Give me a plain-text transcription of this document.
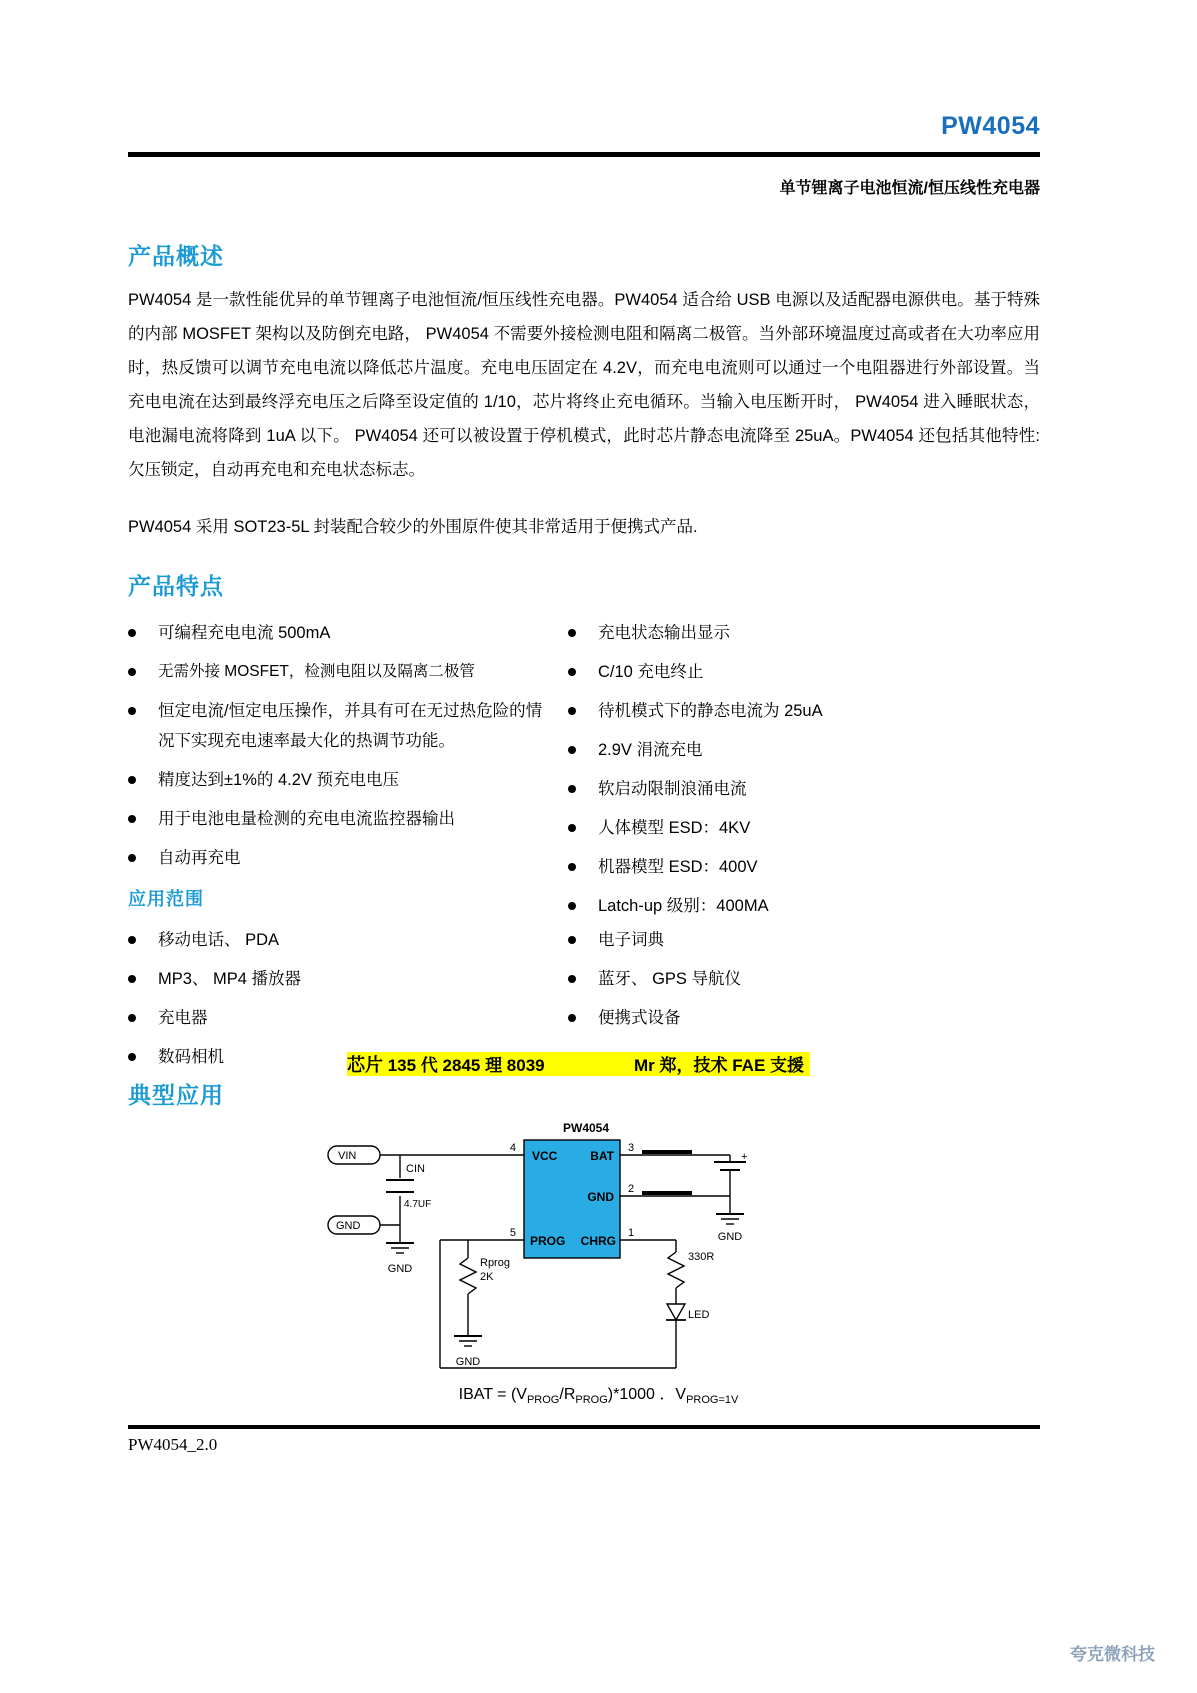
PW4054
单节锂离子电池恒流/恒压线性充电器
产品概述
PW4054 是一款性能优异的单节锂离子电池恒流/恒压线性充电器。PW4054 适合给 USB 电源以及适配器电源供电。基于特殊的内部 MOSFET 架构以及防倒充电路， PW4054 不需要外接检测电阻和隔离二极管。当外部环境温度过高或者在大功率应用时，热反馈可以调节充电电流以降低芯片温度。充电电压固定在 4.2V，而充电电流则可以通过一个电阻器进行外部设置。当充电电流在达到最终浮充电压之后降至设定值的 1/10，芯片将终止充电循环。当输入电压断开时， PW4054 进入睡眠状态，电池漏电流将降到 1uA 以下。 PW4054 还可以被设置于停机模式，此时芯片静态电流降至 25uA。PW4054 还包括其他特性: 欠压锁定，自动再充电和充电状态标志。
PW4054 采用 SOT23-5L 封装配合较少的外围原件使其非常适用于便携式产品.
产品特点
可编程充电电流 500mA
无需外接 MOSFET，检测电阻以及隔离二极管
恒定电流/恒定电压操作，并具有可在无过热危险的情况下实现充电速率最大化的热调节功能。
精度达到±1%的 4.2V 预充电电压
用于电池电量检测的充电电流监控器输出
自动再充电
充电状态输出显示
C/10 充电终止
待机模式下的静态电流为 25uA
2.9V 涓流充电
软启动限制浪涌电流
人体模型 ESD：4KV
机器模型 ESD：400V
Latch-up 级别：400MA
应用范围
移动电话、 PDA
MP3、 MP4 播放器
充电器
数码相机
电子词典
蓝牙、 GPS 导航仪
便携式设备
芯片 135 代 2845 理 8039	Mr 郑，技术 FAE 支援
典型应用
PW4054
VIN
GND
CIN
4.7UF
GND
4	3
2
5	1
VCC	BAT
GND
PROG CHRG
+
GND
Rprog
2K
GND
330R
LED
IBAT = $(V_{PROG}/R_{PROG})*1000$ ．$V_{PROG=1V}$
PW4054_2.0
夸克微科技
